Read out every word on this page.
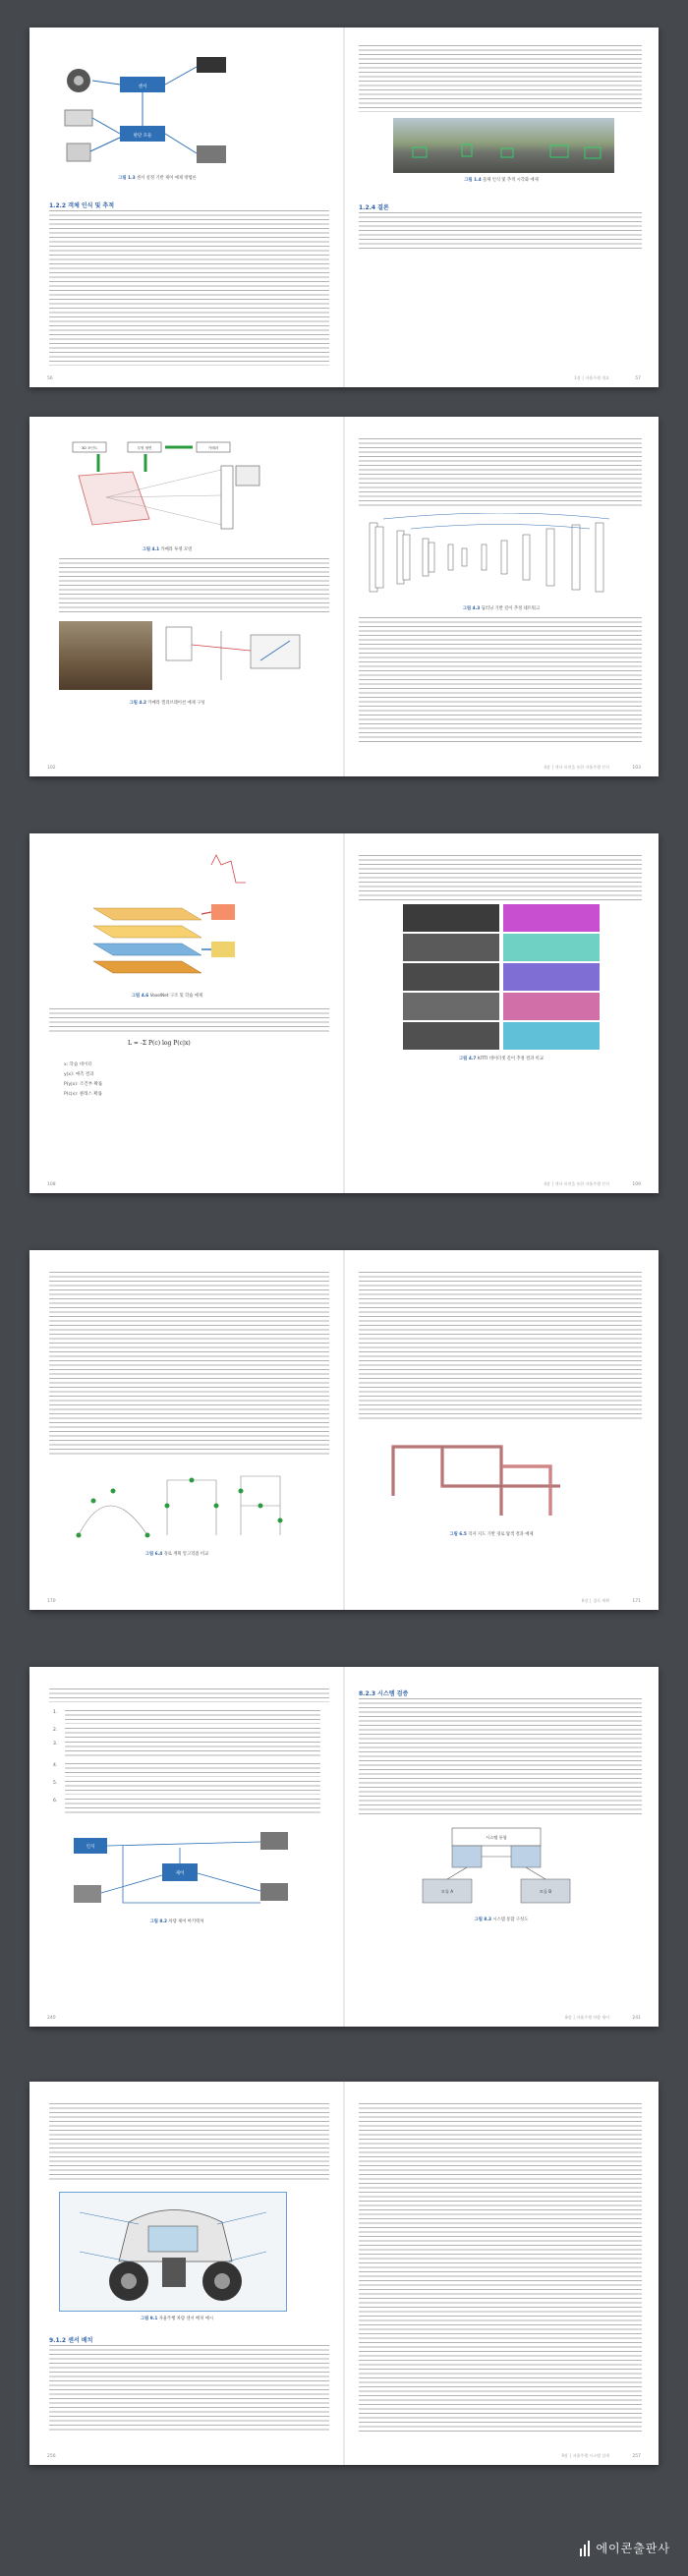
센서
판단 모듈
그림 1.3 센서 설정 기반 제어 예제 방법론
1.2.2 객체 인식 및 추적
56
그림 1.4 물체 인식 및 추적 시각화 예제
1.2.4 결론
1장 │ 자율주행 개요	57
3D 포인트	투영 평면	카메라
그림 4.1 카메라 투영 모델
그림 4.2 카메라 캘리브레이션 예제 구성
102
그림 4.3 딥러닝 기반 깊이 추정 네트워크
4장 │ 센서 퓨전을 통한 자율주행 인지	103
그림 4.6 VoxelNet 구조 및 학습 예제
L = -Σ P(c) log P(c|x)
x: 학습 데이터
y(x): 예측 결과
P(y|x): 조건부 확률
P(c|x): 클래스 확률
108
그림 4.7 KITTI 데이터셋 깊이 추정 결과 비교
4장 │ 센서 퓨전을 통한 자율주행 인지	109
그림 6.4 경로 계획 알고리즘 비교
170
그림 6.5 격자 지도 기반 경로 탐색 결과 예제
6장 │ 경로 계획	171
1.
2.
3.
4.
5.
6.
제어
인지
그림 8.2 차량 제어 아키텍처
240
8.2.3 시스템 검증
시스템 통합
모듈 A	모듈 B
그림 8.3 시스템 통합 구성도
8장 │ 자율주행 차량 제어	241
그림 9.1 자율주행 차량 센서 배치 예시
9.1.2 센서 배치
256	9장 │ 자율주행 시스템 설계	257
에이콘출판사
